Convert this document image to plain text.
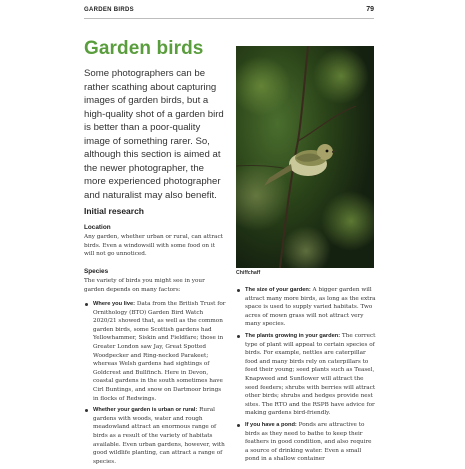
GARDEN BIRDS	79
Garden birds

Some photographers can be rather scathing about capturing images of garden birds, but a high-quality shot of a garden bird is better than a poor-quality image of something rarer. So, although this section is aimed at the newer photographer, the more experienced photographer and naturalist may also benefit.

Initial research
Location

Any garden, whether urban or rural, can attract birds. Even a windowsill with some food on it will not go unnoticed.

Species

The variety of birds you might see in your garden depends on many factors:

Where you live: Data from the British Trust for Ornithology (BTO) Garden Bird Watch 2020/21 showed that, as well as the common garden birds, some Scottish gardens had Yellowhammer, Siskin and Fieldfare; those in Greater London saw Jay, Great Spotted Woodpecker and Ring-necked Parakeet; whereas Welsh gardens had sightings of Goldcrest and Bullfinch. Here in Devon, coastal gardens in the south sometimes have Cirl Buntings, and snow on Dartmoor brings in flocks of Redwings.
Whether your garden is urban or rural: Rural gardens with woods, water and rough meadowland attract an enormous range of birds as a result of the variety of habitats available. Even urban gardens, however, with good wildlife planting, can attract a range of species.
Chiffchaff
The size of your garden: A bigger garden will attract many more birds, as long as the extra space is used to supply varied habitats. Two acres of mown grass will not attract very many species.
The plants growing in your garden: The correct type of plant will appeal to certain species of birds. For example, nettles are caterpillar food and many birds rely on caterpillars to feed their young; seed plants such as Teasel, Knapweed and Sunflower will attract the seed feeders; shrubs with berries will attract other birds; shrubs and hedges provide nest sites. The RTO and the RSPB have advice for making gardens bird-friendly.
If you have a pond: Ponds are attractive to birds as they need to bathe to keep their feathers in good condition, and also require a source of drinking water. Even a small pond in a shallow container
